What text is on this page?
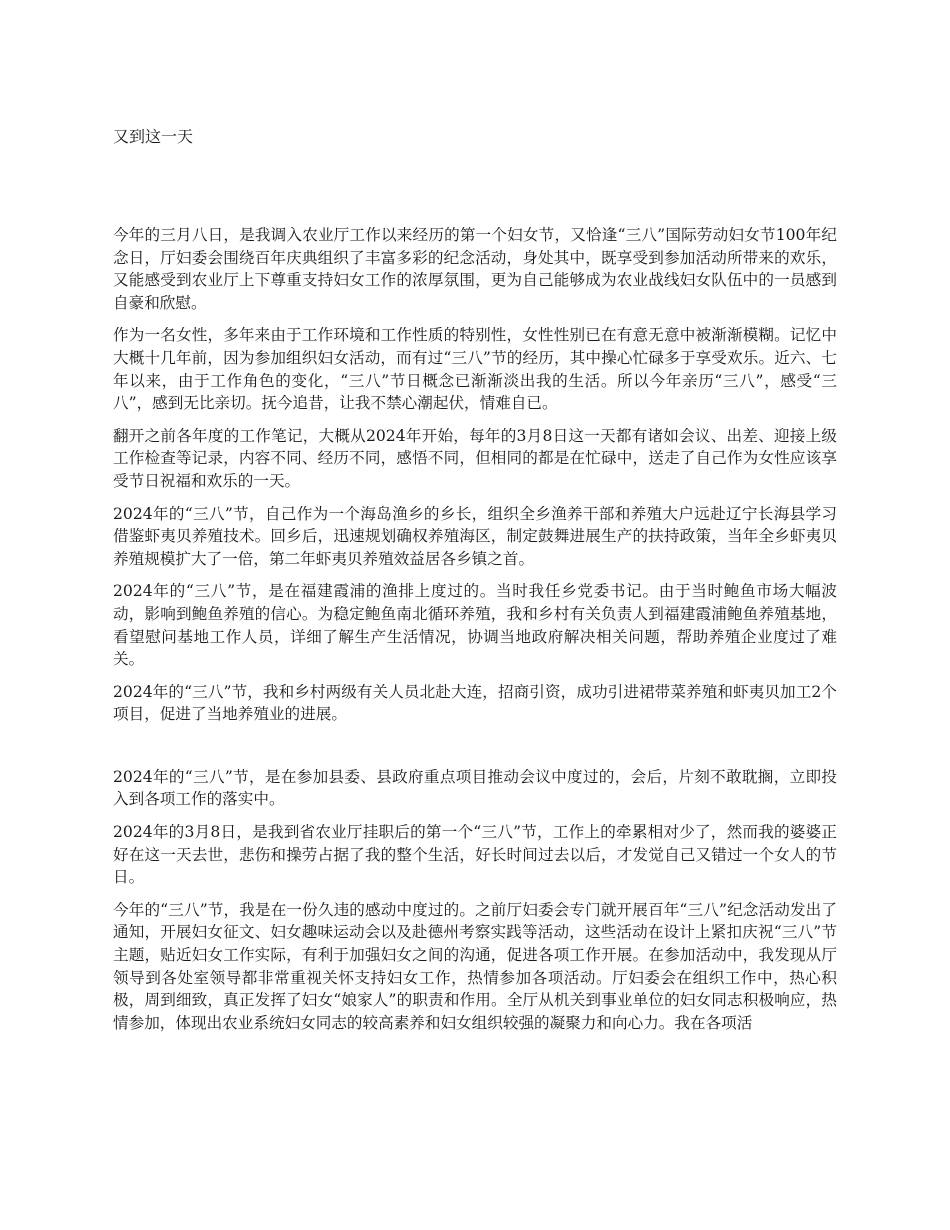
又到这一天

今年的三月八日，是我调入农业厅工作以来经历的第一个妇女节，又恰逢“三八”国际劳动妇女节100年纪念日，厅妇委会围绕百年庆典组织了丰富多彩的纪念活动，身处其中，既享受到参加活动所带来的欢乐，又能感受到农业厅上下尊重支持妇女工作的浓厚氛围，更为自己能够成为农业战线妇女队伍中的一员感到自豪和欣慰。

作为一名女性，多年来由于工作环境和工作性质的特别性，女性性别已在有意无意中被渐渐模糊。记忆中大概十几年前，因为参加组织妇女活动，而有过“三八”节的经历，其中操心忙碌多于享受欢乐。近六、七年以来，由于工作角色的变化，“三八”节日概念已渐渐淡出我的生活。所以今年亲历“三八”，感受“三八”，感到无比亲切。抚今追昔，让我不禁心潮起伏，情难自已。

翻开之前各年度的工作笔记，大概从2024年开始，每年的3月8日这一天都有诸如会议、出差、迎接上级工作检查等记录，内容不同、经历不同，感悟不同，但相同的都是在忙碌中，送走了自己作为女性应该享受节日祝福和欢乐的一天。

2024年的“三八”节，自己作为一个海岛渔乡的乡长，组织全乡渔养干部和养殖大户远赴辽宁长海县学习借鉴虾夷贝养殖技术。回乡后，迅速规划确权养殖海区，制定鼓舞进展生产的扶持政策，当年全乡虾夷贝养殖规模扩大了一倍，第二年虾夷贝养殖效益居各乡镇之首。

2024年的“三八”节，是在福建霞浦的渔排上度过的。当时我任乡党委书记。由于当时鲍鱼市场大幅波动，影响到鲍鱼养殖的信心。为稳定鲍鱼南北循环养殖，我和乡村有关负责人到福建霞浦鲍鱼养殖基地，看望慰问基地工作人员，详细了解生产生活情况，协调当地政府解决相关问题，帮助养殖企业度过了难关。

2024年的“三八”节，我和乡村两级有关人员北赴大连，招商引资，成功引进裙带菜养殖和虾夷贝加工2个项目，促进了当地养殖业的进展。

2024年的“三八”节，是在参加县委、县政府重点项目推动会议中度过的，会后，片刻不敢耽搁，立即投入到各项工作的落实中。

2024年的3月8日，是我到省农业厅挂职后的第一个“三八”节，工作上的牵累相对少了，然而我的婆婆正好在这一天去世，悲伤和操劳占据了我的整个生活，好长时间过去以后，才发觉自己又错过一个女人的节日。

今年的“三八”节，我是在一份久违的感动中度过的。之前厅妇委会专门就开展百年“三八”纪念活动发出了通知，开展妇女征文、妇女趣味运动会以及赴德州考察实践等活动，这些活动在设计上紧扣庆祝“三八”节主题，贴近妇女工作实际，有利于加强妇女之间的沟通，促进各项工作开展。在参加活动中，我发现从厅领导到各处室领导都非常重视关怀支持妇女工作，热情参加各项活动。厅妇委会在组织工作中，热心积极，周到细致，真正发挥了妇女“娘家人”的职责和作用。全厅从机关到事业单位的妇女同志积极响应，热情参加，体现出农业系统妇女同志的较高素养和妇女组织较强的凝聚力和向心力。我在各项活
